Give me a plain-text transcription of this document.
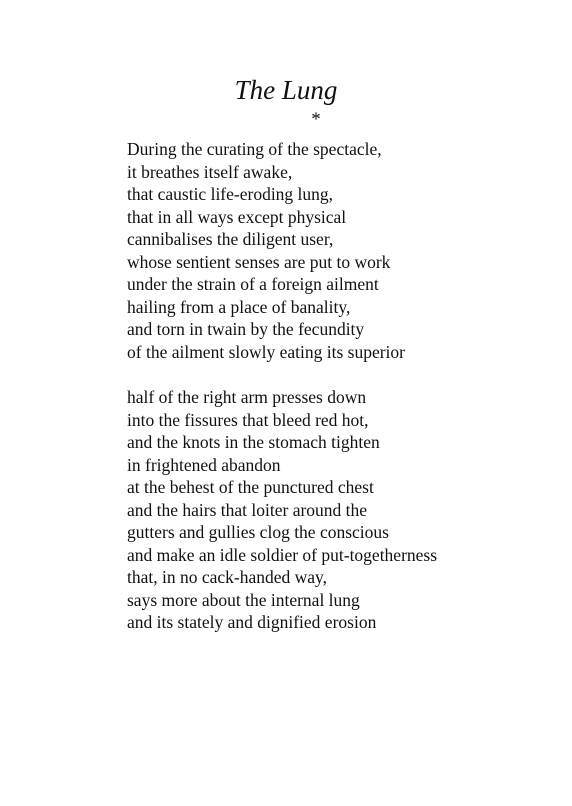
The Lung
*
During the curating of the spectacle,
it breathes itself awake,
that caustic life-eroding lung,
that in all ways except physical
cannibalises the diligent user,
whose sentient senses are put to work
under the strain of a foreign ailment
hailing from a place of banality,
and torn in twain by the fecundity
of the ailment slowly eating its superior
half of the right arm presses down
into the fissures that bleed red hot,
and the knots in the stomach tighten
in frightened abandon
at the behest of the punctured chest
and the hairs that loiter around the
gutters and gullies clog the conscious
and make an idle soldier of put-togetherness
that, in no cack-handed way,
says more about the internal lung
and its stately and dignified erosion
